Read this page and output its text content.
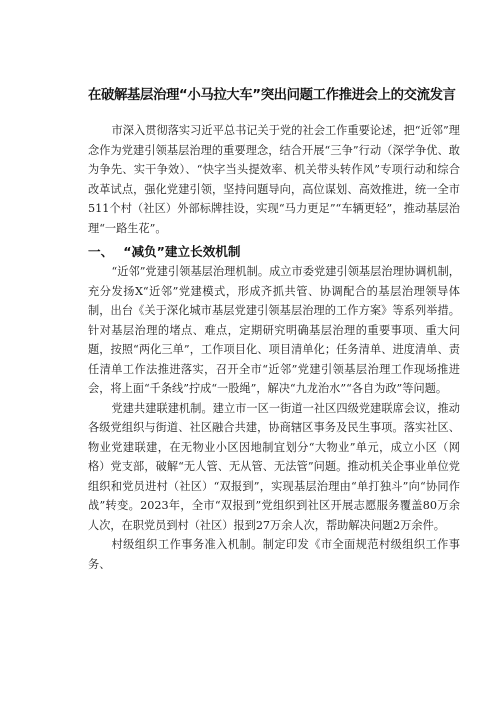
在破解基层治理“小马拉大车”突出问题工作推进会上的交流发言

市深入贯彻落实习近平总书记关于党的社会工作重要论述，把“近邻”理念作为党建引领基层治理的重要理念，结合开展“三争”行动（深学争优、敢为争先、实干争效）、“快字当头提效率、机关带头转作风”专项行动和综合改革试点，强化党建引领，坚持问题导向，高位谋划、高效推进，统一全市511个村（社区）外部标牌挂设，实现“马力更足”“车辆更轻”，推动基层治理“一路生花”。

一、 “减负”建立长效机制

“近邻”党建引领基层治理机制。成立市委党建引领基层治理协调机制，充分发扬X“近邻”党建模式，形成齐抓共管、协调配合的基层治理领导体制，出台《关于深化城市基层党建引领基层治理的工作方案》等系列举措。针对基层治理的堵点、难点，定期研究明确基层治理的重要事项、重大问题，按照“两化三单”，工作项目化、项目清单化；任务清单、进度清单、责任清单工作法推进落实，召开全市“近邻”党建引领基层治理工作现场推进会，将上面“千条线”拧成“一股绳”，解决“九龙治水”“各自为政”等问题。

党建共建联建机制。建立市一区一街道一社区四级党建联席会议，推动各级党组织与街道、社区融合共建，协商辖区事务及民生事项。落实社区、物业党建联建，在无物业小区因地制宜划分“大物业”单元，成立小区（网格）党支部，破解“无人管、无从管、无法管”问题。推动机关企事业单位党组织和党员进村（社区）“双报到”，实现基层治理由“单打独斗”向“协同作战”转变。2023年，全市“双报到”党组织到社区开展志愿服务覆盖80万余人次，在职党员到村（社区）报到27万余人次，帮助解决问题2万余件。

村级组织工作事务准入机制。制定印发《市全面规范村级组织工作事务、
